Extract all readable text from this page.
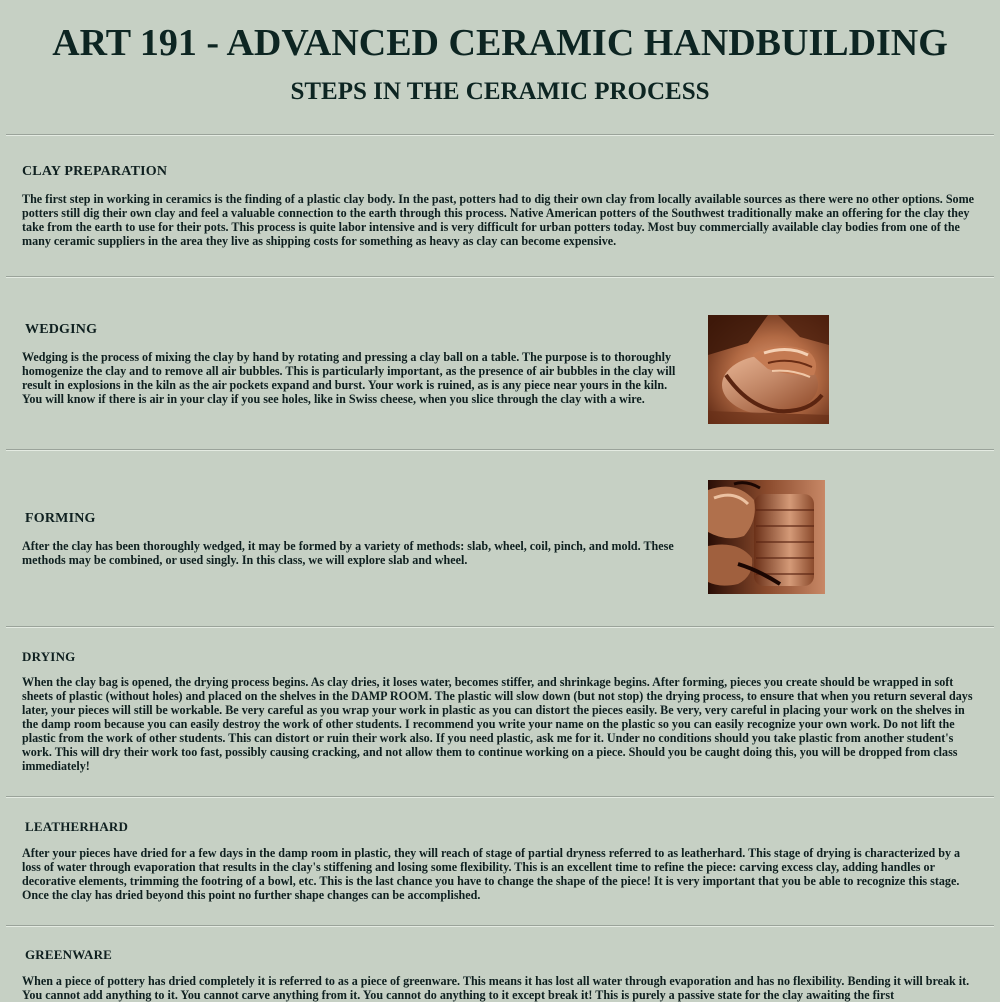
ART 191 - ADVANCED CERAMIC HANDBUILDING
STEPS IN THE CERAMIC PROCESS
CLAY PREPARATION

The first step in working in ceramics is the finding of a plastic clay body. In the past, potters had to dig their own clay from locally available sources as there were no other options. Some potters still dig their own clay and feel a valuable connection to the earth through this process. Native American potters of the Southwest traditionally make an offering for the clay they take from the earth to use for their pots. This process is quite labor intensive and is very difficult for urban potters today. Most buy commercially available clay bodies from one of the many ceramic suppliers in the area they live as shipping costs for something as heavy as clay can become expensive.

WEDGING

Wedging is the process of mixing the clay by hand by rotating and pressing a clay ball on a table. The purpose is to thoroughly homogenize the clay and to remove all air bubbles. This is particularly important, as the presence of air bubbles in the clay will result in explosions in the kiln as the air pockets expand and burst. Your work is ruined, as is any piece near yours in the kiln. You will know if there is air in your clay if you see holes, like in Swiss cheese, when you slice through the clay with a wire.

FORMING

After the clay has been thoroughly wedged, it may be formed by a variety of methods: slab, wheel, coil, pinch, and mold. These methods may be combined, or used singly. In this class, we will explore slab and wheel.

DRYING

When the clay bag is opened, the drying process begins. As clay dries, it loses water, becomes stiffer, and shrinkage begins. After forming, pieces you create should be wrapped in soft sheets of plastic (without holes) and placed on the shelves in the DAMP ROOM. The plastic will slow down (but not stop) the drying process, to ensure that when you return several days later, your pieces will still be workable. Be very careful as you wrap your work in plastic as you can distort the pieces easily. Be very, very careful in placing your work on the shelves in the damp room because you can easily destroy the work of other students. I recommend you write your name on the plastic so you can easily recognize your own work. Do not lift the plastic from the work of other students. This can distort or ruin their work also. If you need plastic, ask me for it. Under no conditions should you take plastic from another student's work. This will dry their work too fast, possibly causing cracking, and not allow them to continue working on a piece. Should you be caught doing this, you will be dropped from class immediately!

LEATHERHARD

After your pieces have dried for a few days in the damp room in plastic, they will reach of stage of partial dryness referred to as leatherhard. This stage of drying is characterized by a loss of water through evaporation that results in the clay's stiffening and losing some flexibility. This is an excellent time to refine the piece: carving excess clay, adding handles or decorative elements, trimming the footring of a bowl, etc. This is the last chance you have to change the shape of the piece! It is very important that you be able to recognize this stage. Once the clay has dried beyond this point no further shape changes can be accomplished.

GREENWARE

When a piece of pottery has dried completely it is referred to as a piece of greenware. This means it has lost all water through evaporation and has no flexibility. Bending it will break it. You cannot add anything to it. You cannot carve anything from it. You cannot do anything to it except break it! This is purely a passive state for the clay awaiting the first
